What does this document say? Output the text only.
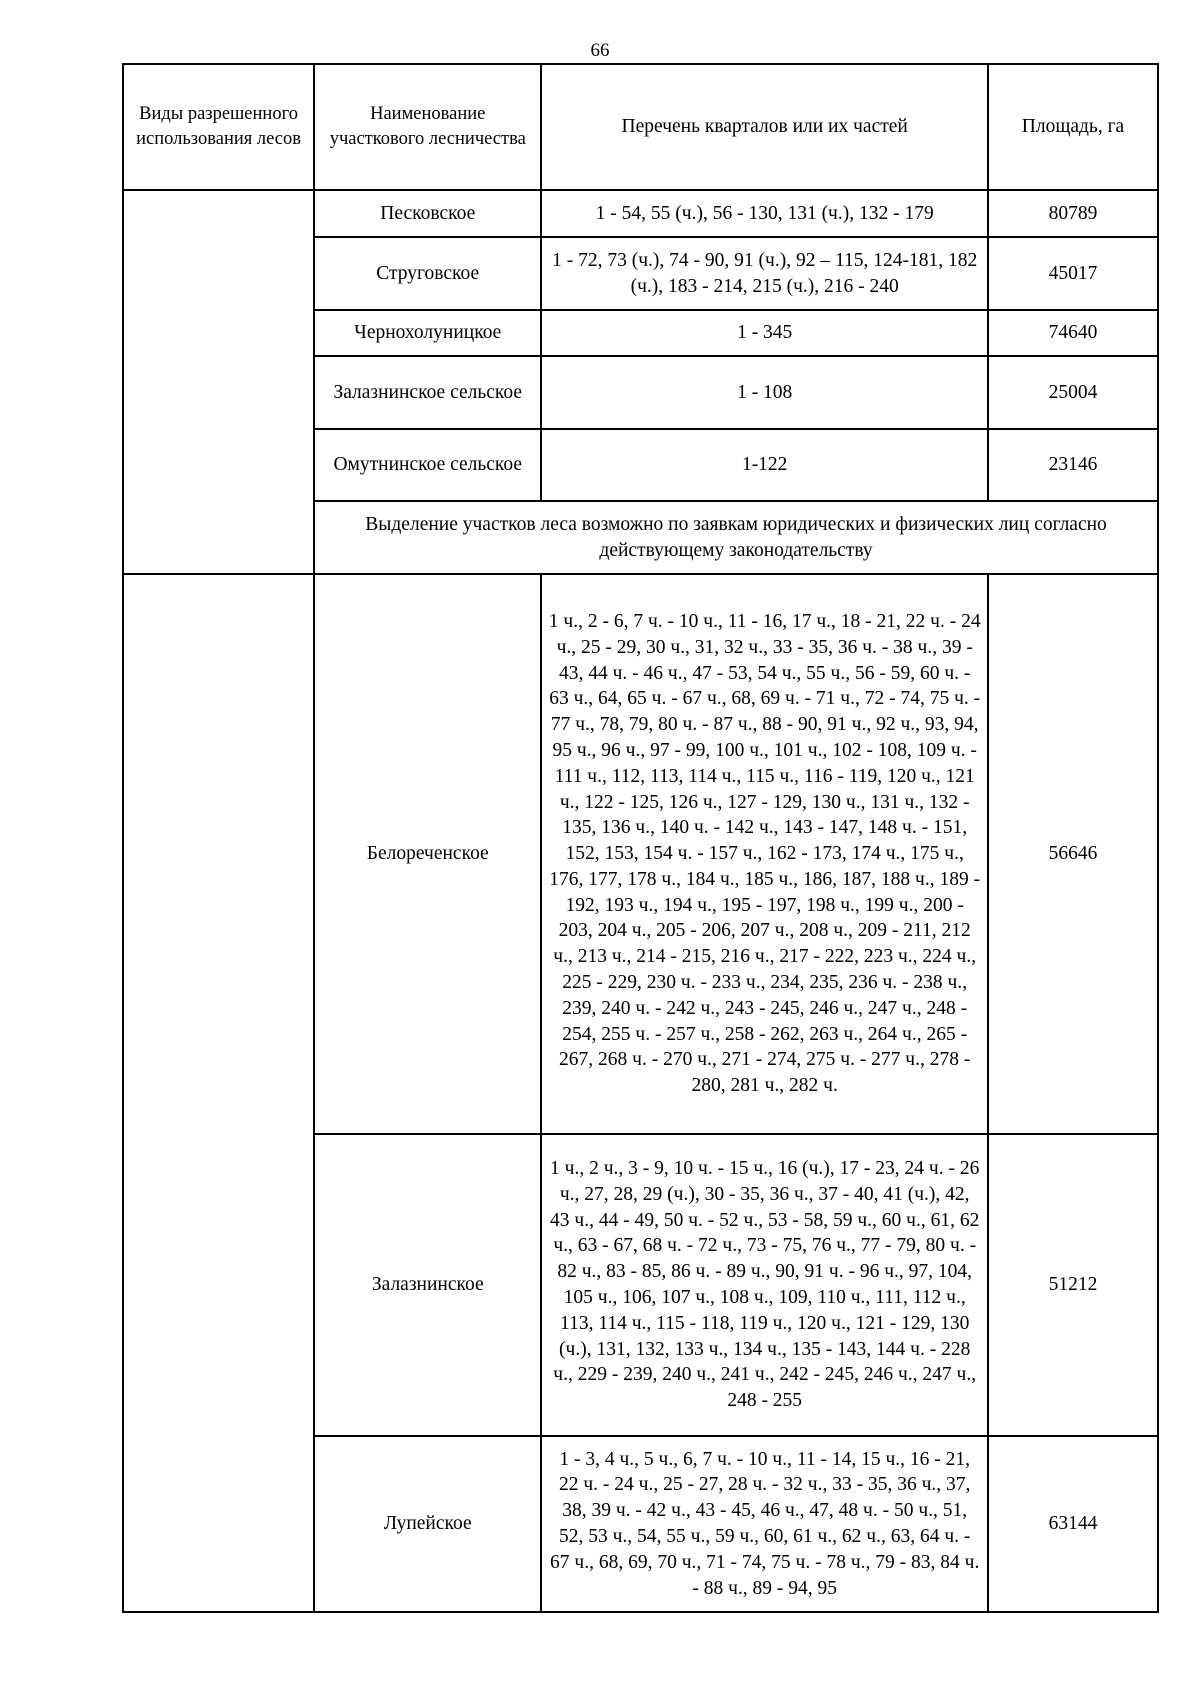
66
Виды разрешенного использования лесов	Наименование участкового лесничества	Перечень кварталов или их частей	Площадь, га
	Песковское	1 - 54, 55 (ч.), 56 - 130, 131 (ч.), 132 - 179	80789
	Струговское	1 - 72, 73 (ч.), 74 - 90, 91 (ч.), 92 – 115, 124-181, 182 (ч.), 183 - 214, 215 (ч.), 216 - 240	45017
	Чернохолуницкое	1 - 345	74640
	Залазнинское сельское	1 - 108	25004
	Омутнинское сельское	1-122	23146
	Выделение участков леса возможно по заявкам юридических и физических лиц согласно действующему законодательству		
	Белореченское	1 ч., 2 - 6, 7 ч. - 10 ч., 11 - 16, 17 ч., 18 - 21, 22 ч. - 24 ч., 25 - 29, 30 ч., 31, 32 ч., 33 - 35, 36 ч. - 38 ч., 39 - 43, 44 ч. - 46 ч., 47 - 53, 54 ч., 55 ч., 56 - 59, 60 ч. - 63 ч., 64, 65 ч. - 67 ч., 68, 69 ч. - 71 ч., 72 - 74, 75 ч. - 77 ч., 78, 79, 80 ч. - 87 ч., 88 - 90, 91 ч., 92 ч., 93, 94, 95 ч., 96 ч., 97 - 99, 100 ч., 101 ч., 102 - 108, 109 ч. - 111 ч., 112, 113, 114 ч., 115 ч., 116 - 119, 120 ч., 121 ч., 122 - 125, 126 ч., 127 - 129, 130 ч., 131 ч., 132 - 135, 136 ч., 140 ч. - 142 ч., 143 - 147, 148 ч. - 151, 152, 153, 154 ч. - 157 ч., 162 - 173, 174 ч., 175 ч., 176, 177, 178 ч., 184 ч., 185 ч., 186, 187, 188 ч., 189 - 192, 193 ч., 194 ч., 195 - 197, 198 ч., 199 ч., 200 - 203, 204 ч., 205 - 206, 207 ч., 208 ч., 209 - 211, 212 ч., 213 ч., 214 - 215, 216 ч., 217 - 222, 223 ч., 224 ч., 225 - 229, 230 ч. - 233 ч., 234, 235, 236 ч. - 238 ч., 239, 240 ч. - 242 ч., 243 - 245, 246 ч., 247 ч., 248 - 254, 255 ч. - 257 ч., 258 - 262, 263 ч., 264 ч., 265 - 267, 268 ч. - 270 ч., 271 - 274, 275 ч. - 277 ч., 278 - 280, 281 ч., 282 ч.	56646
	Залазнинское	1 ч., 2 ч., 3 - 9, 10 ч. - 15 ч., 16 (ч.), 17 - 23, 24 ч. - 26 ч., 27, 28, 29 (ч.), 30 - 35, 36 ч., 37 - 40, 41 (ч.), 42, 43 ч., 44 - 49, 50 ч. - 52 ч., 53 - 58, 59 ч., 60 ч., 61, 62 ч., 63 - 67, 68 ч. - 72 ч., 73 - 75, 76 ч., 77 - 79, 80 ч. - 82 ч., 83 - 85, 86 ч. - 89 ч., 90, 91 ч. - 96 ч., 97, 104, 105 ч., 106, 107 ч., 108 ч., 109, 110 ч., 111, 112 ч., 113, 114 ч., 115 - 118, 119 ч., 120 ч., 121 - 129, 130 (ч.), 131, 132, 133 ч., 134 ч., 135 - 143, 144 ч. - 228 ч., 229 - 239, 240 ч., 241 ч., 242 - 245, 246 ч., 247 ч., 248 - 255	51212
	Лупейское	1 - 3, 4 ч., 5 ч., 6, 7 ч. - 10 ч., 11 - 14, 15 ч., 16 - 21, 22 ч. - 24 ч., 25 - 27, 28 ч. - 32 ч., 33 - 35, 36 ч., 37, 38, 39 ч. - 42 ч., 43 - 45, 46 ч., 47, 48 ч. - 50 ч., 51, 52, 53 ч., 54, 55 ч., 59 ч., 60, 61 ч., 62 ч., 63, 64 ч. - 67 ч., 68, 69, 70 ч., 71 - 74, 75 ч. - 78 ч., 79 - 83, 84 ч. - 88 ч., 89 - 94, 95	63144
